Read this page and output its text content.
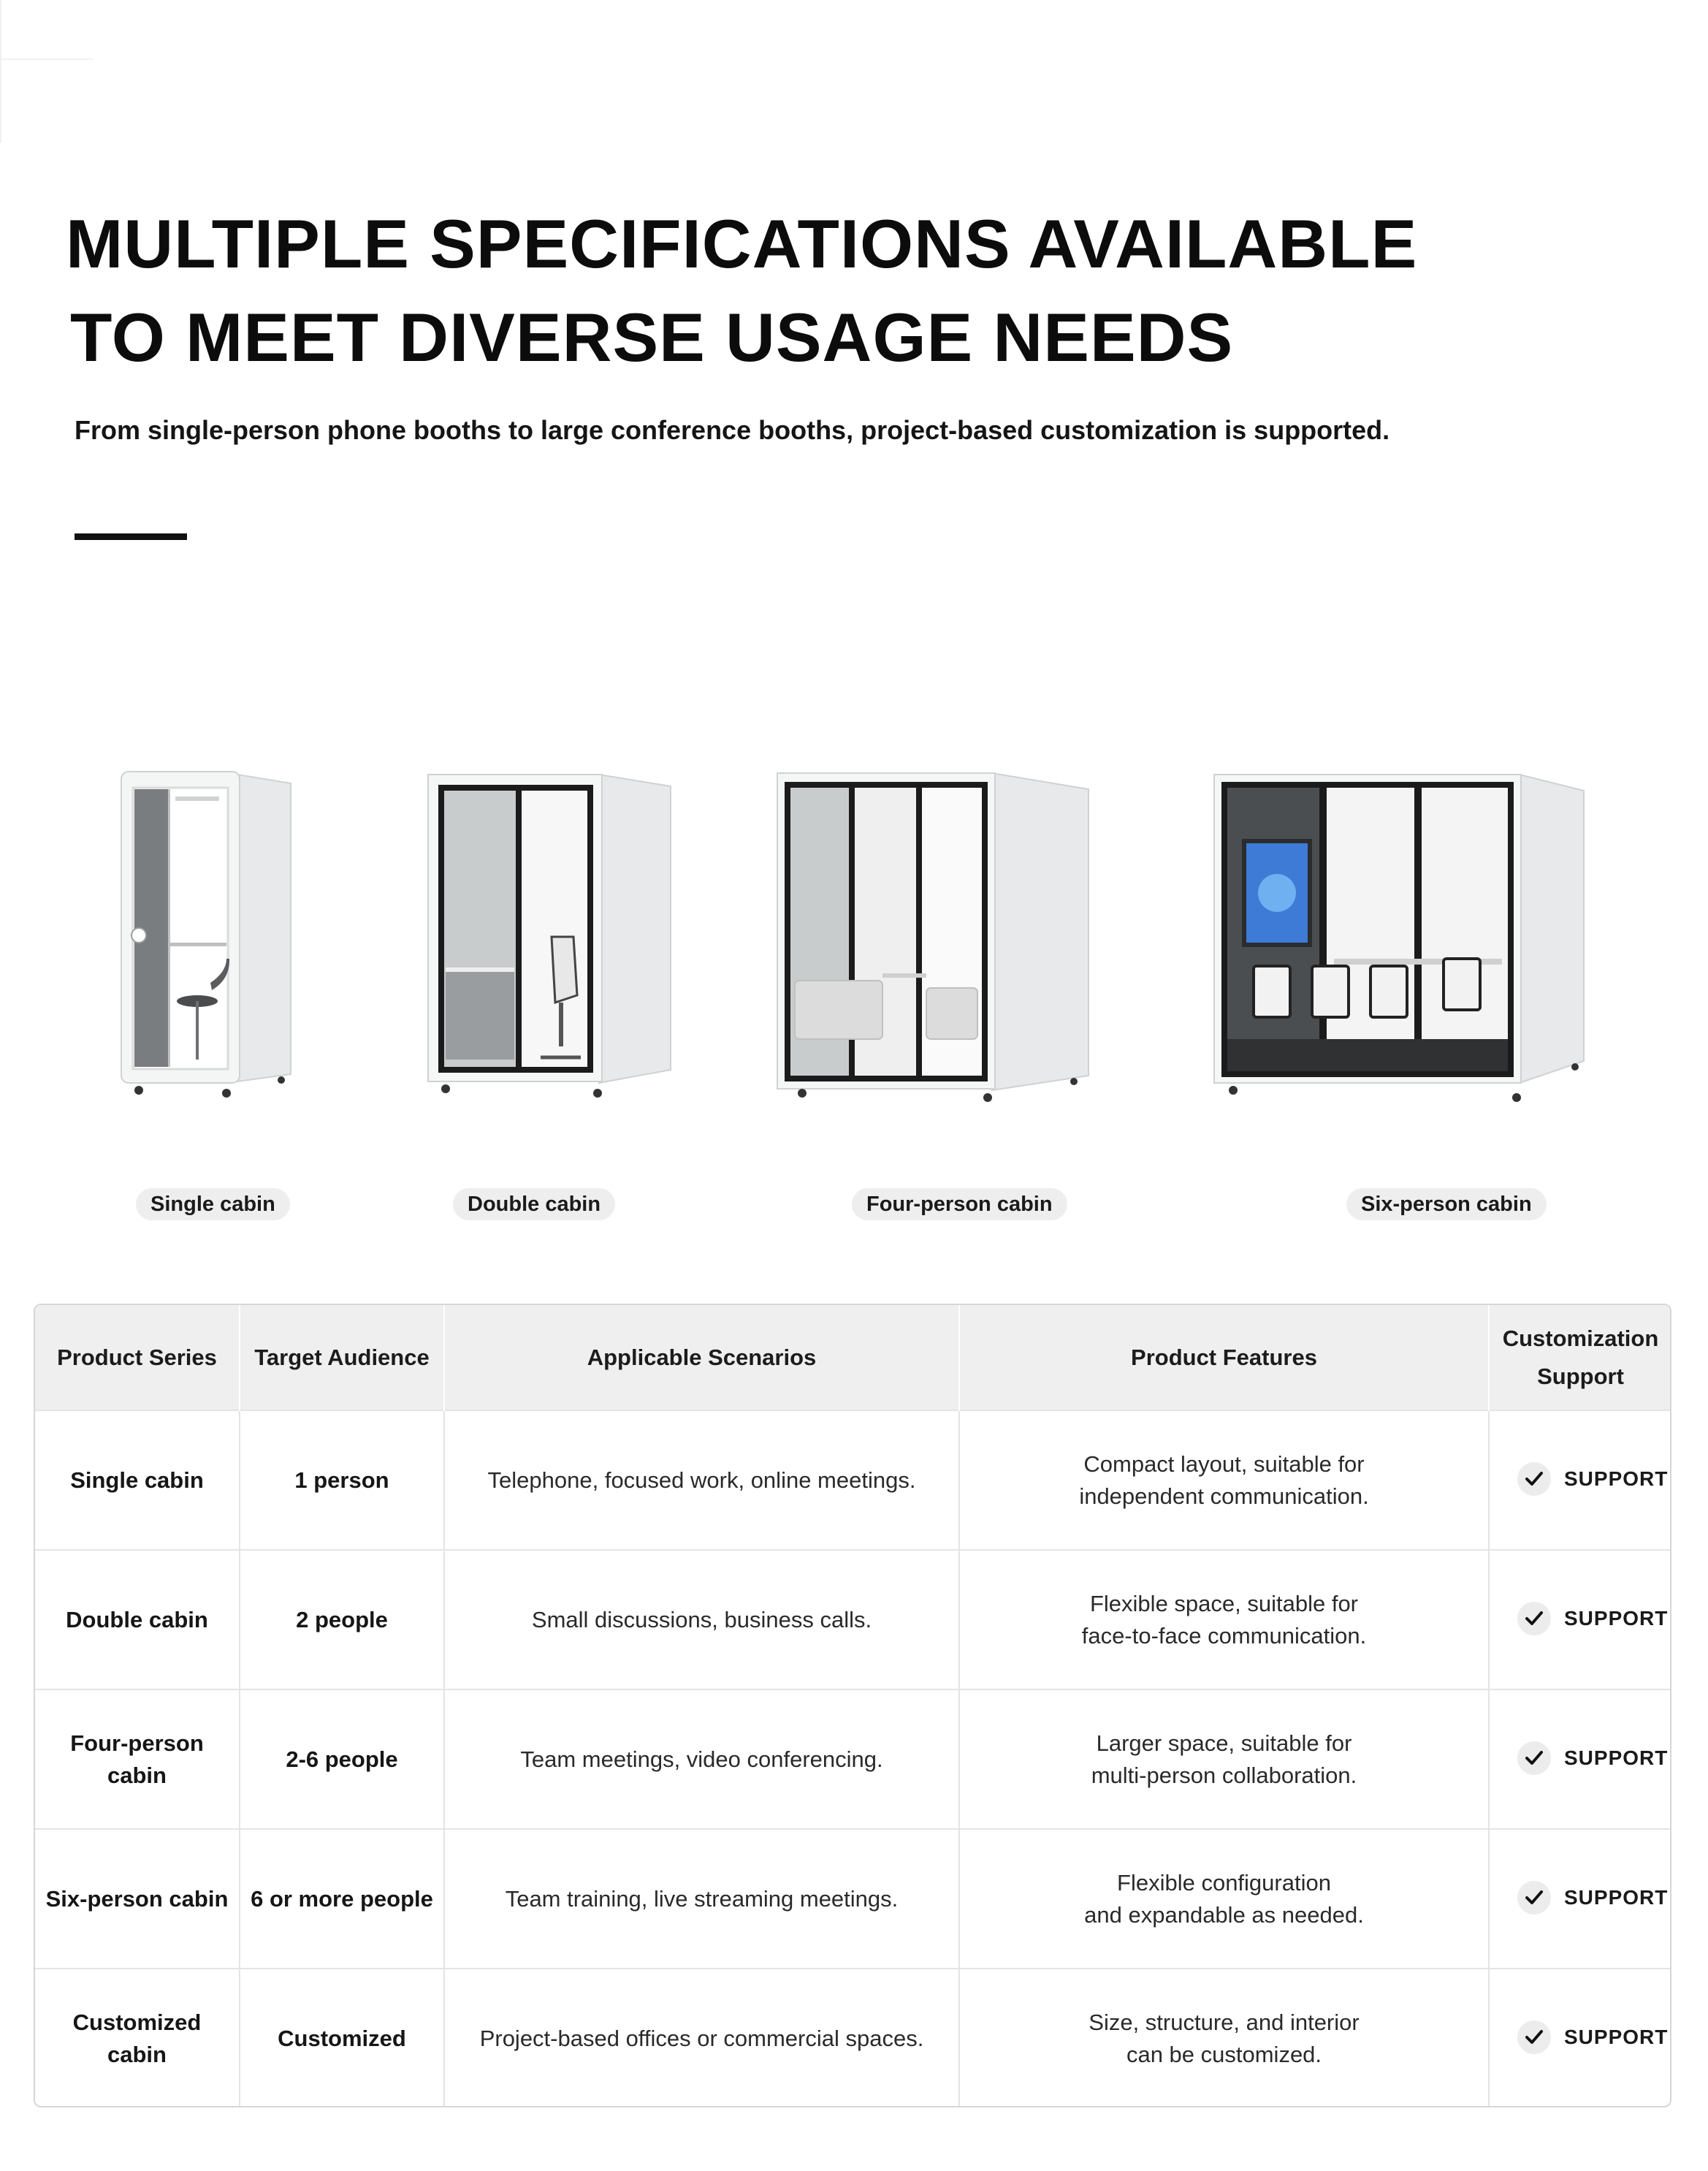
MULTIPLE SPECIFICATIONS AVAILABLE
TO MEET DIVERSE USAGE NEEDS
From single-person phone booths to large conference booths, project-based customization is supported.
Single cabin	Double cabin	Four-person cabin	Six-person cabin
Product Series	Target Audience	Applicable Scenarios	Product Features	Customization
Support
Single cabin	1 person	Telephone, focused work, online meetings.	Compact layout, suitable for
independent communication.	SUPPORT

Double cabin	2 people	Small discussions, business calls.	Flexible space, suitable for
face-to-face communication.	SUPPORT

Four-person cabin	2-6 people	Team meetings, video conferencing.	Larger space, suitable for
multi-person collaboration.	SUPPORT

Six-person cabin	6 or more people	Team training, live streaming meetings.	Flexible configuration
and expandable as needed.	SUPPORT

Customized cabin	Customized	Project-based offices or commercial spaces.	Size, structure, and interior
can be customized.	SUPPORT
